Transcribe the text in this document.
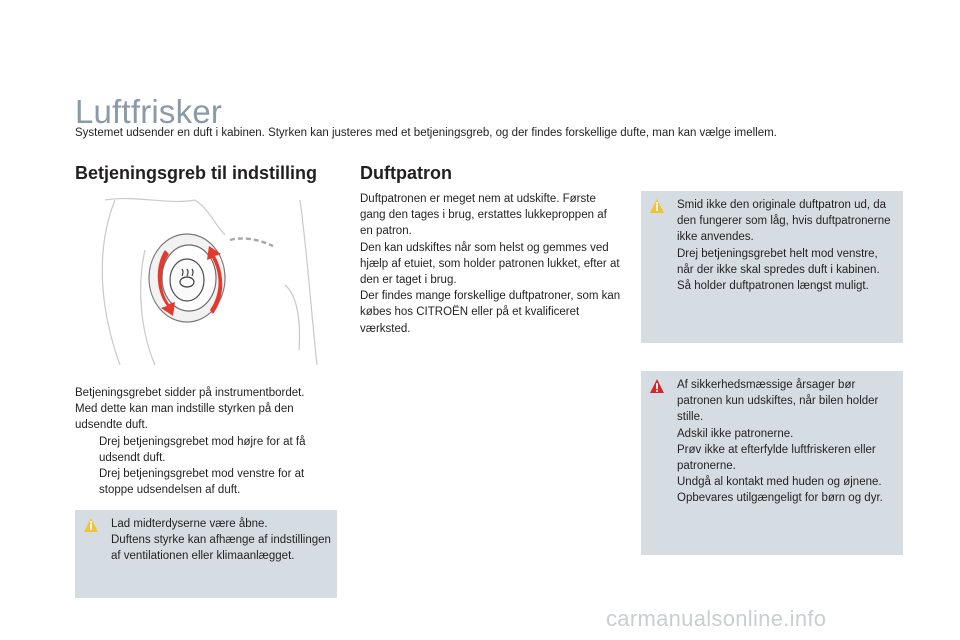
Luftfrisker
Systemet udsender en duft i kabinen. Styrken kan justeres med et betjeningsgreb, og der findes forskellige dufte, man kan vælge imellem.
Betjeningsgreb til indstilling Duftpatron

Betjeningsgrebet sidder på instrumentbordet.

Med dette kan man indstille styrken på den udsendte duft.

Drej betjeningsgrebet mod højre for at få udsendt duft.
Drej betjeningsgrebet mod venstre for at stoppe udsendelsen af duft.

Lad midterdyserne være åbne.

Duftens styrke kan afhænge af indstillingen af ventilationen eller klimaanlægget.

Duftpatronen er meget nem at udskifte. Første gang den tages i brug, erstattes lukkeproppen af en patron.

Den kan udskiftes når som helst og gemmes ved hjælp af etuiet, som holder patronen lukket, efter at den er taget i brug.

Der findes mange forskellige duftpatroner, som kan købes hos CITROËN eller på et kvalificeret værksted.

Smid ikke den originale duftpatron ud, da den fungerer som låg, hvis duftpatronerne ikke anvendes.

Drej betjeningsgrebet helt mod venstre, når der ikke skal spredes duft i kabinen.

Så holder duftpatronen længst muligt.

Af sikkerhedsmæssige årsager bør patronen kun udskiftes, når bilen holder stille.

Adskil ikke patronerne.

Prøv ikke at efterfylde luftfriskeren eller patronerne.

Undgå al kontakt med huden og øjnene.

Opbevares utilgængeligt for børn og dyr.

carmanualsonline.info
